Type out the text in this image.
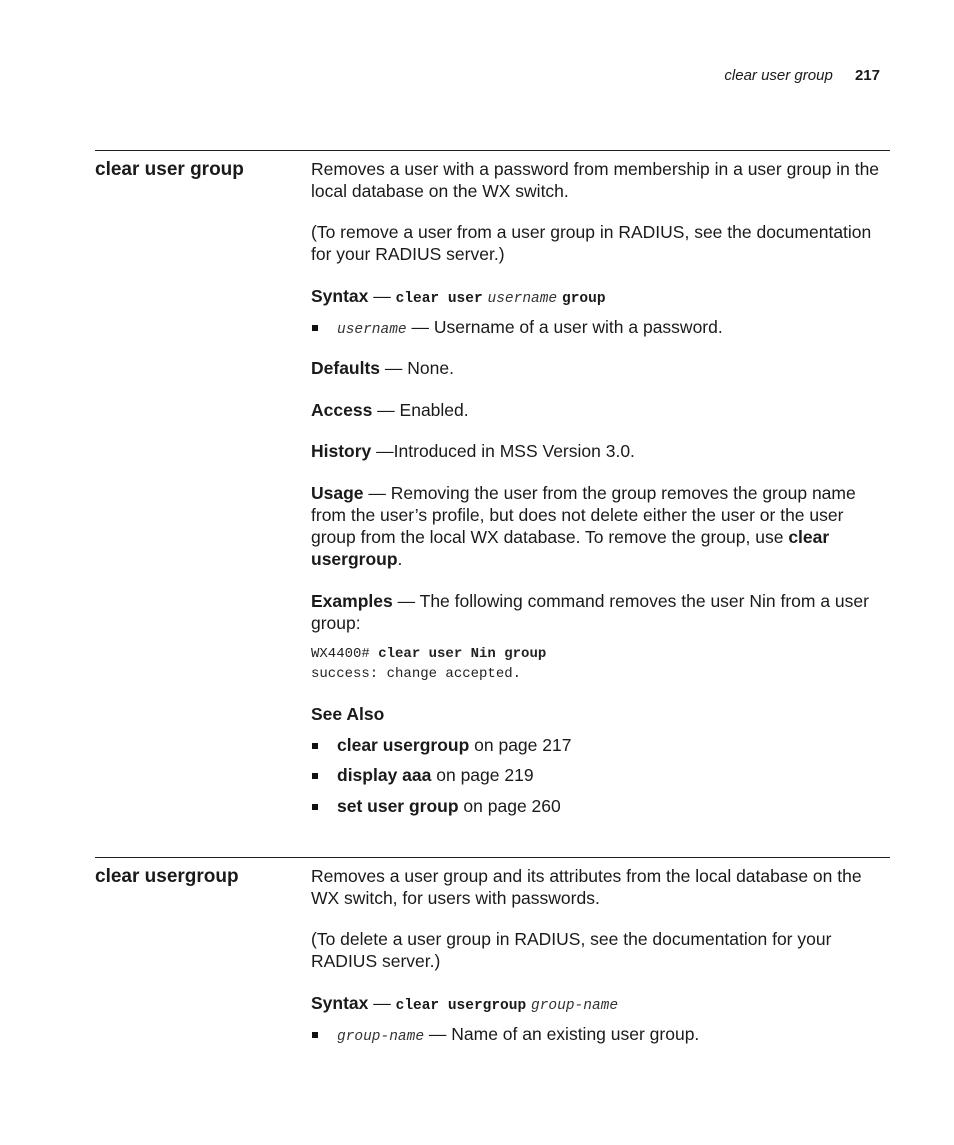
clear user group 217
clear user group	Removes a user with a password from membership in a user group in the local database on the WX switch.
(To remove a user from a user group in RADIUS, see the documentation for your RADIUS server.)
Syntax — clear user username group
username — Username of a user with a password.
Defaults — None.
Access — Enabled.
History —Introduced in MSS Version 3.0.
Usage — Removing the user from the group removes the group name from the user’s profile, but does not delete either the user or the user group from the local WX database. To remove the group, use clear usergroup.
Examples — The following command removes the user Nin from a user group:
WX4400# clear user Nin group
success: change accepted.
See Also
clear usergroup on page 217
display aaa on page 219
set user group on page 260
clear usergroup	Removes a user group and its attributes from the local database on the WX switch, for users with passwords.
(To delete a user group in RADIUS, see the documentation for your RADIUS server.)
Syntax — clear usergroup group-name
group-name — Name of an existing user group.
